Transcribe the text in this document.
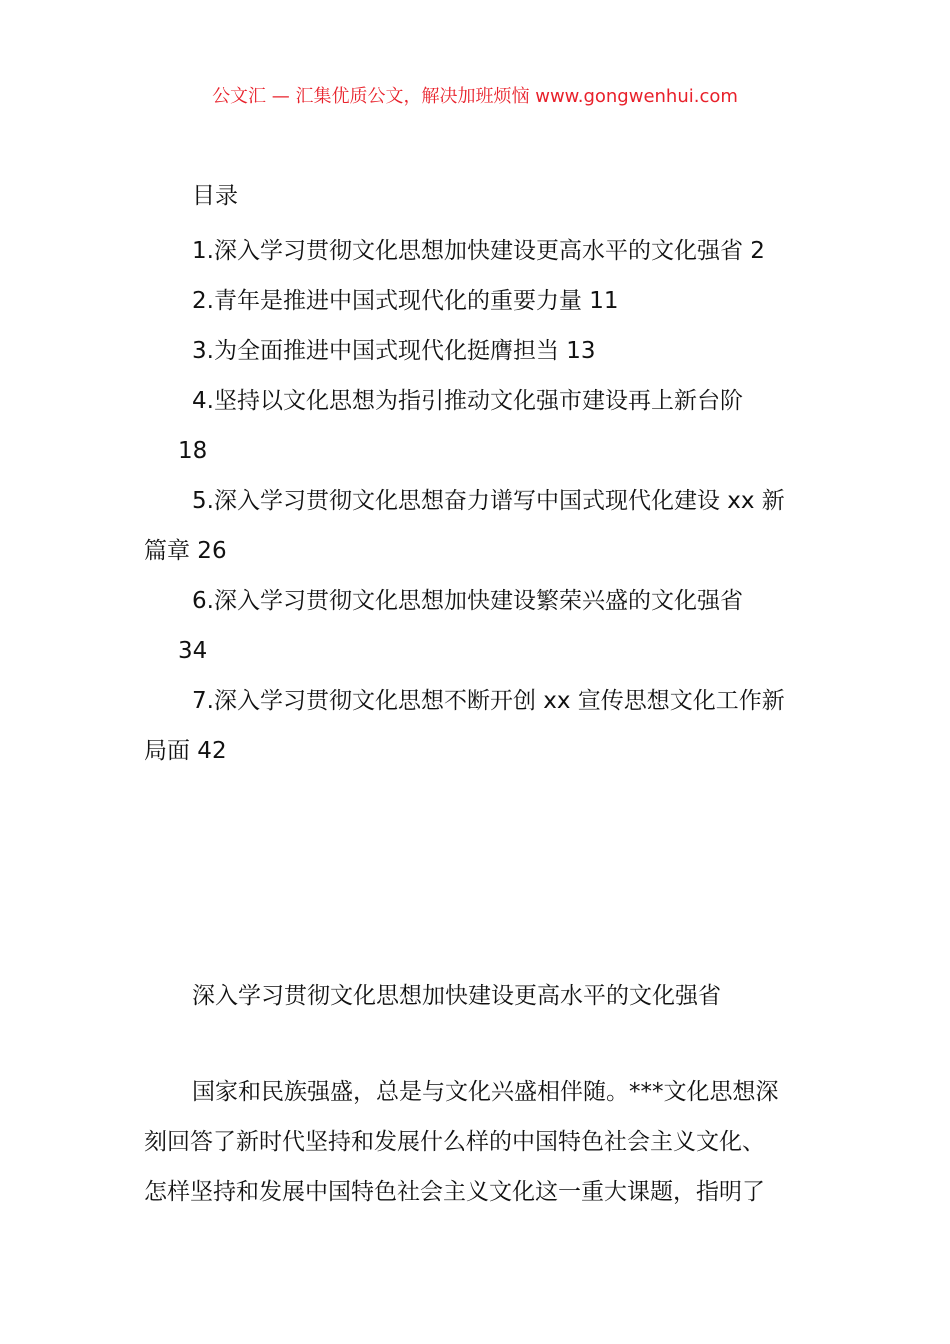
公文汇 — 汇集优质公文，解决加班烦恼 www.gongwenhui.com
目录
1.深入学习贯彻文化思想加快建设更高水平的文化强省 2
2.青年是推进中国式现代化的重要力量 11
3.为全面推进中国式现代化挺膺担当 13
4.坚持以文化思想为指引推动文化强市建设再上新台阶
18
5.深入学习贯彻文化思想奋力谱写中国式现代化建设 xx 新
篇章 26
6.深入学习贯彻文化思想加快建设繁荣兴盛的文化强省
34
7.深入学习贯彻文化思想不断开创 xx 宣传思想文化工作新
局面 42
深入学习贯彻文化思想加快建设更高水平的文化强省
国家和民族强盛，总是与文化兴盛相伴随。***文化思想深
刻回答了新时代坚持和发展什么样的中国特色社会主义文化、
怎样坚持和发展中国特色社会主义文化这一重大课题，指明了
